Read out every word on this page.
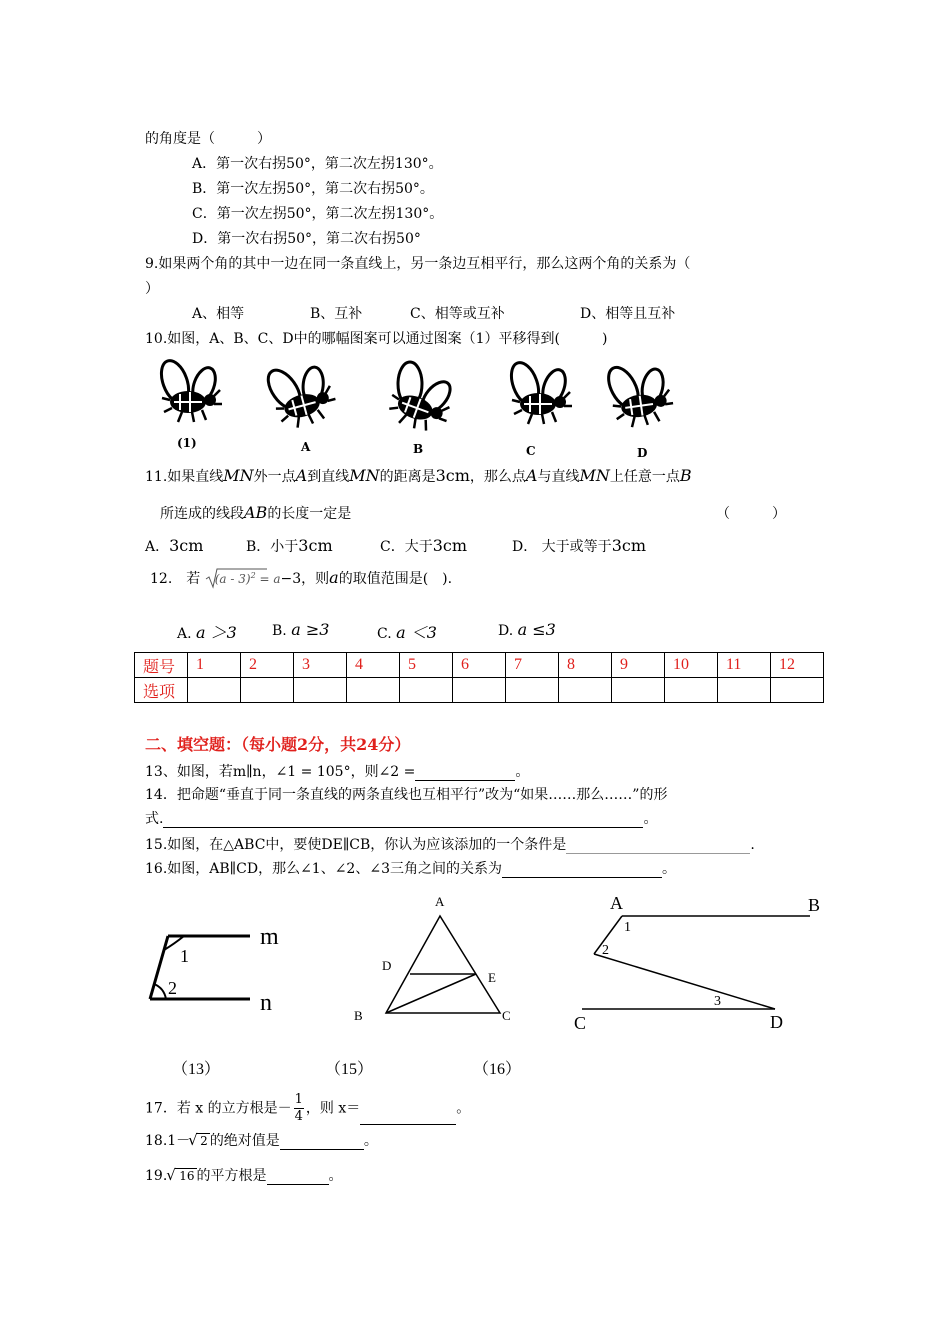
的角度是（　　　）
A．第一次右拐50°，第二次左拐130°。
B．第一次左拐50°，第二次右拐50°。
C．第一次左拐50°，第二次左拐130°。
D．第一次右拐50°，第二次右拐50°
9.如果两个角的其中一边在同一条直线上，另一条边互相平行，那么这两个角的关系为（
）
A、相等	B、互补	C、相等或互补	D、相等且互补
10.如图，A、B、C、D中的哪幅图案可以通过图案（1）平移得到(　　　)
(1)	A	B	C	D
11.如果直线MN外一点A到直线MN的距离是3cm，那么点A与直线MN上任意一点B
所连成的线段AB的长度一定是	（　　　）
A．3cm	B．小于3cm	C．大于3cm	D． 大于或等于3cm
12.　若 (a - 3)$^2$ = a−3，则a的取值范围是(　).
A. a ＞3	B. a ≥3	C. a ＜3	D. a ≤3
题号	1	2	3	4	5	6	7	8	9	10	11	12
选项												
二、填空题：（每小题2分，共24分）
13、如图，若m∥n，∠1 = 105°，则∠2 =	。
14．把命题“垂直于同一条直线的两条直线也互相平行”改为“如果……那么……”的形
式.	。
15.如图，在△ABC中，要使DE∥CB，你认为应该添加的一个条件是	.
16.如图，AB∥CD，那么∠1、∠2、∠3三角之间的关系为	。
m
n
1
2
A
B	C
D
E
A	B
C	D
1
2
3
（13）	（15）	（16）
17．若 x 的立方根是－ $\frac{1}{4}$ ，则 x＝	。
18.1－
√ 2 的绝对值是	。
19. √ 16 的平方根是	。
